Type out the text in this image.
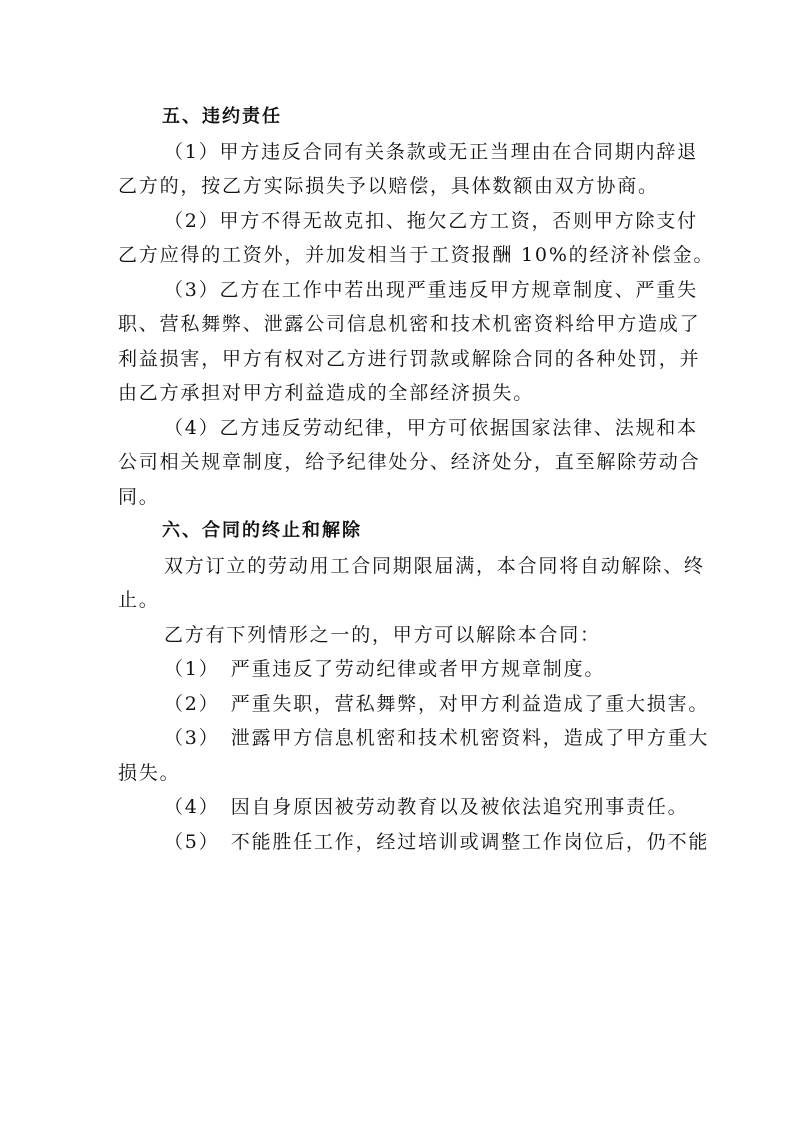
五、违约责任
（1）甲方违反合同有关条款或无正当理由在合同期内辞退
乙方的，按乙方实际损失予以赔偿，具体数额由双方协商。
（2）甲方不得无故克扣、拖欠乙方工资，否则甲方除支付
乙方应得的工资外，并加发相当于工资报酬 10%的经济补偿金。
（3）乙方在工作中若出现严重违反甲方规章制度、严重失
职、营私舞弊、泄露公司信息机密和技术机密资料给甲方造成了
利益损害，甲方有权对乙方进行罚款或解除合同的各种处罚，并
由乙方承担对甲方利益造成的全部经济损失。
（4）乙方违反劳动纪律，甲方可依据国家法律、法规和本
公司相关规章制度，给予纪律处分、经济处分，直至解除劳动合
同。
六、合同的终止和解除
双方订立的劳动用工合同期限届满，本合同将自动解除、终
止。
乙方有下列情形之一的，甲方可以解除本合同：
（1）　严重违反了劳动纪律或者甲方规章制度。
（2）　严重失职，营私舞弊，对甲方利益造成了重大损害。
（3）　泄露甲方信息机密和技术机密资料，造成了甲方重大
损失。
（4）　因自身原因被劳动教育以及被依法追究刑事责任。
（5）　不能胜任工作，经过培训或调整工作岗位后，仍不能
